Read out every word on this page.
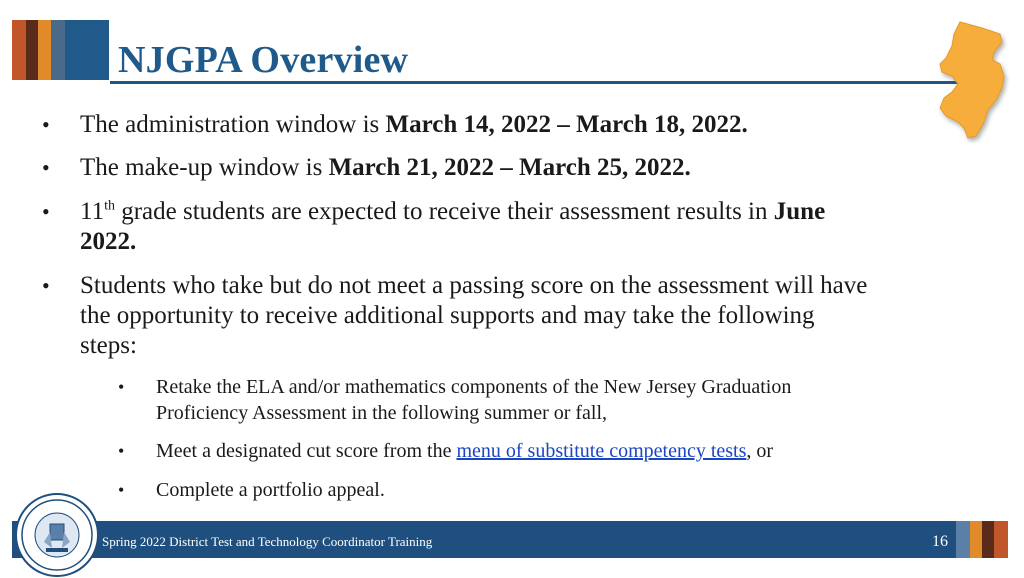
NJGPA Overview
• The administration window is March 14, 2022 – March 18, 2022.
• The make-up window is March 21, 2022 – March 25, 2022.
• 11th grade students are expected to receive their assessment results in June
2022.
• Students who take but do not meet a passing score on the assessment will have
the opportunity to receive additional supports and may take the following
steps:
• Retake the ELA and/or mathematics components of the New Jersey Graduation
Proficiency Assessment in the following summer or fall,
• Meet a designated cut score from the menu of substitute competency tests, or
• Complete a portfolio appeal.
Spring 2022 District Test and Technology Coordinator Training	16
